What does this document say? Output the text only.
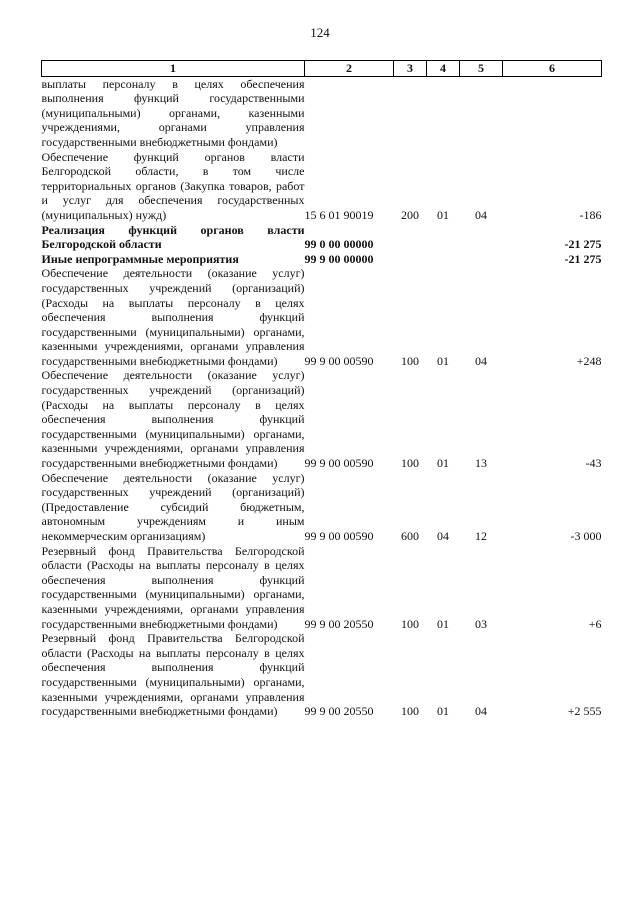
124
1	2	3	4	5	6
выплаты персоналу в целях обеспечения выполнения функций государственными (муниципальными) органами, казенными учреждениями, органами управления государственными внебюджетными фондами)					
Обеспечение функций органов власти Белгородской области, в том числе территориальных органов (Закупка товаров, работ и услуг для обеспечения государственных (муниципальных) нужд)	15 6 01 90019	200	01	04	-186
Реализация функций органов власти Белгородской области	99 0 00 00000				-21 275
Иные непрограммные мероприятия	99 9 00 00000				-21 275
Обеспечение деятельности (оказание услуг) государственных учреждений (организаций) (Расходы на выплаты персоналу в целях обеспечения выполнения функций государственными (муниципальными) органами, казенными учреждениями, органами управления государственными внебюджетными фондами)	99 9 00 00590	100	01	04	+248
Обеспечение деятельности (оказание услуг) государственных учреждений (организаций) (Расходы на выплаты персоналу в целях обеспечения выполнения функций государственными (муниципальными) органами, казенными учреждениями, органами управления государственными внебюджетными фондами)	99 9 00 00590	100	01	13	-43
Обеспечение деятельности (оказание услуг) государственных учреждений (организаций) (Предоставление субсидий бюджетным, автономным учреждениям и иным некоммерческим организациям)	99 9 00 00590	600	04	12	-3 000
Резервный фонд Правительства Белгородской области (Расходы на выплаты персоналу в целях обеспечения выполнения функций государственными (муниципальными) органами, казенными учреждениями, органами управления государственными внебюджетными фондами)	99 9 00 20550	100	01	03	+6
Резервный фонд Правительства Белгородской области (Расходы на выплаты персоналу в целях обеспечения выполнения функций государственными (муниципальными) органами, казенными учреждениями, органами управления государственными внебюджетными фондами)	99 9 00 20550	100	01	04	+2 555
